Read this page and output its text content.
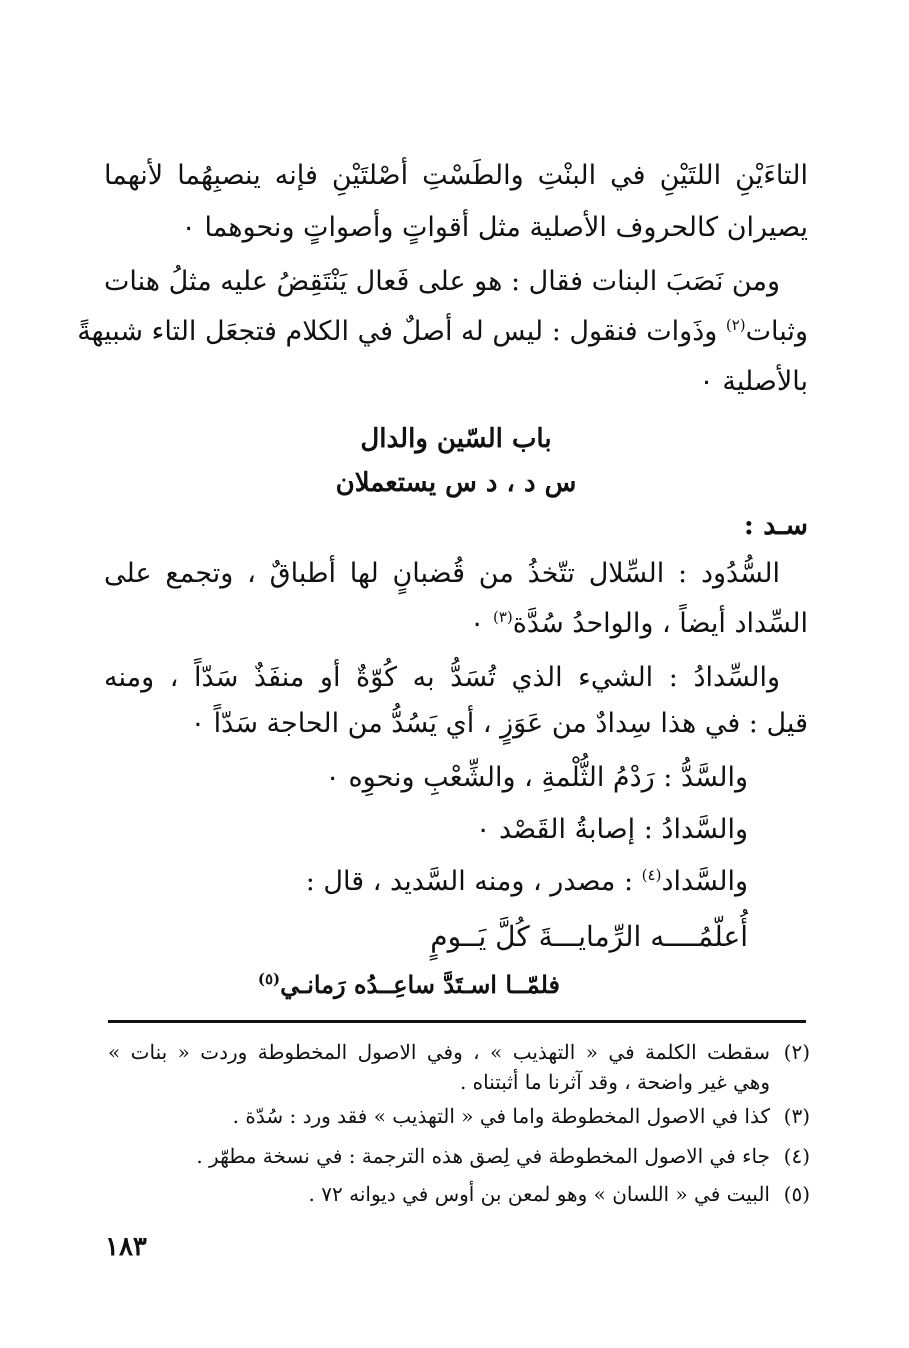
التاءَيْنِ اللتَيْنِ في البنْتِ والطَسْتِ أصْلتَيْنِ فإنه ينصبِهُما لأنهما
يصيران كالحروف الأصلية مثل أقواتٍ وأصواتٍ ونحوهما ٠
ومن نَصَبَ البنات فقال : هو على فَعال يَنْتَقِضُ عليه مثلُ هنات
وثبات$^{(٢)}$ وذَوات فنقول : ليس له أصلٌ في الكلام فتجعَل التاء شبيهةً
بالأصلية ٠
باب السّين والدال
س د ، د س يستعملان
سـد :
السُّدُود : السِّلال تتّخذُ من قُضبانٍ لها أطباقٌ ، وتجمع على
السِّداد أيضاً ، والواحدُ سُدَّة$^{(٣)}$ ٠
والسِّدادُ : الشيء الذي تُسَدُّ به كُوّةٌ أو منفَذٌ سَدّاً ، ومنه
قيل : في هذا سِدادٌ من عَوَزٍ ، أي يَسُدُّ من الحاجة سَدّاً ٠
والسَّدُّ : رَدْمُ الثُّلْمةِ ، والشِّعْبِ ونحوِه ٠
والسَّدادُ : إصابةُ القَصْد ٠
والسَّداد$^{(٤)}$ : مصدر ، ومنه السَّديد ، قال :
أُعلّمُــــه الرِّمايـــةَ كُلَّ يَــومٍ
فلمّــا اسـتَدَّ ساعِــدُه رَمانـي$^{(٥)}$
(٢)
سقطت الكلمة في « التهذيب » ، وفي الاصول المخطوطة وردت « بنات »
وهي غير واضحة ، وقد آثرنا ما أثبتناه .
(٣)
كذا في الاصول المخطوطة واما في « التهذيب » فقد ورد : سُدّة .
(٤)
جاء في الاصول المخطوطة في لِصق هذه الترجمة : في نسخة مطهّر .
(٥)
البيت في « اللسان » وهو لمعن بن أوس في ديوانه ٧٢ .
١٨٣
